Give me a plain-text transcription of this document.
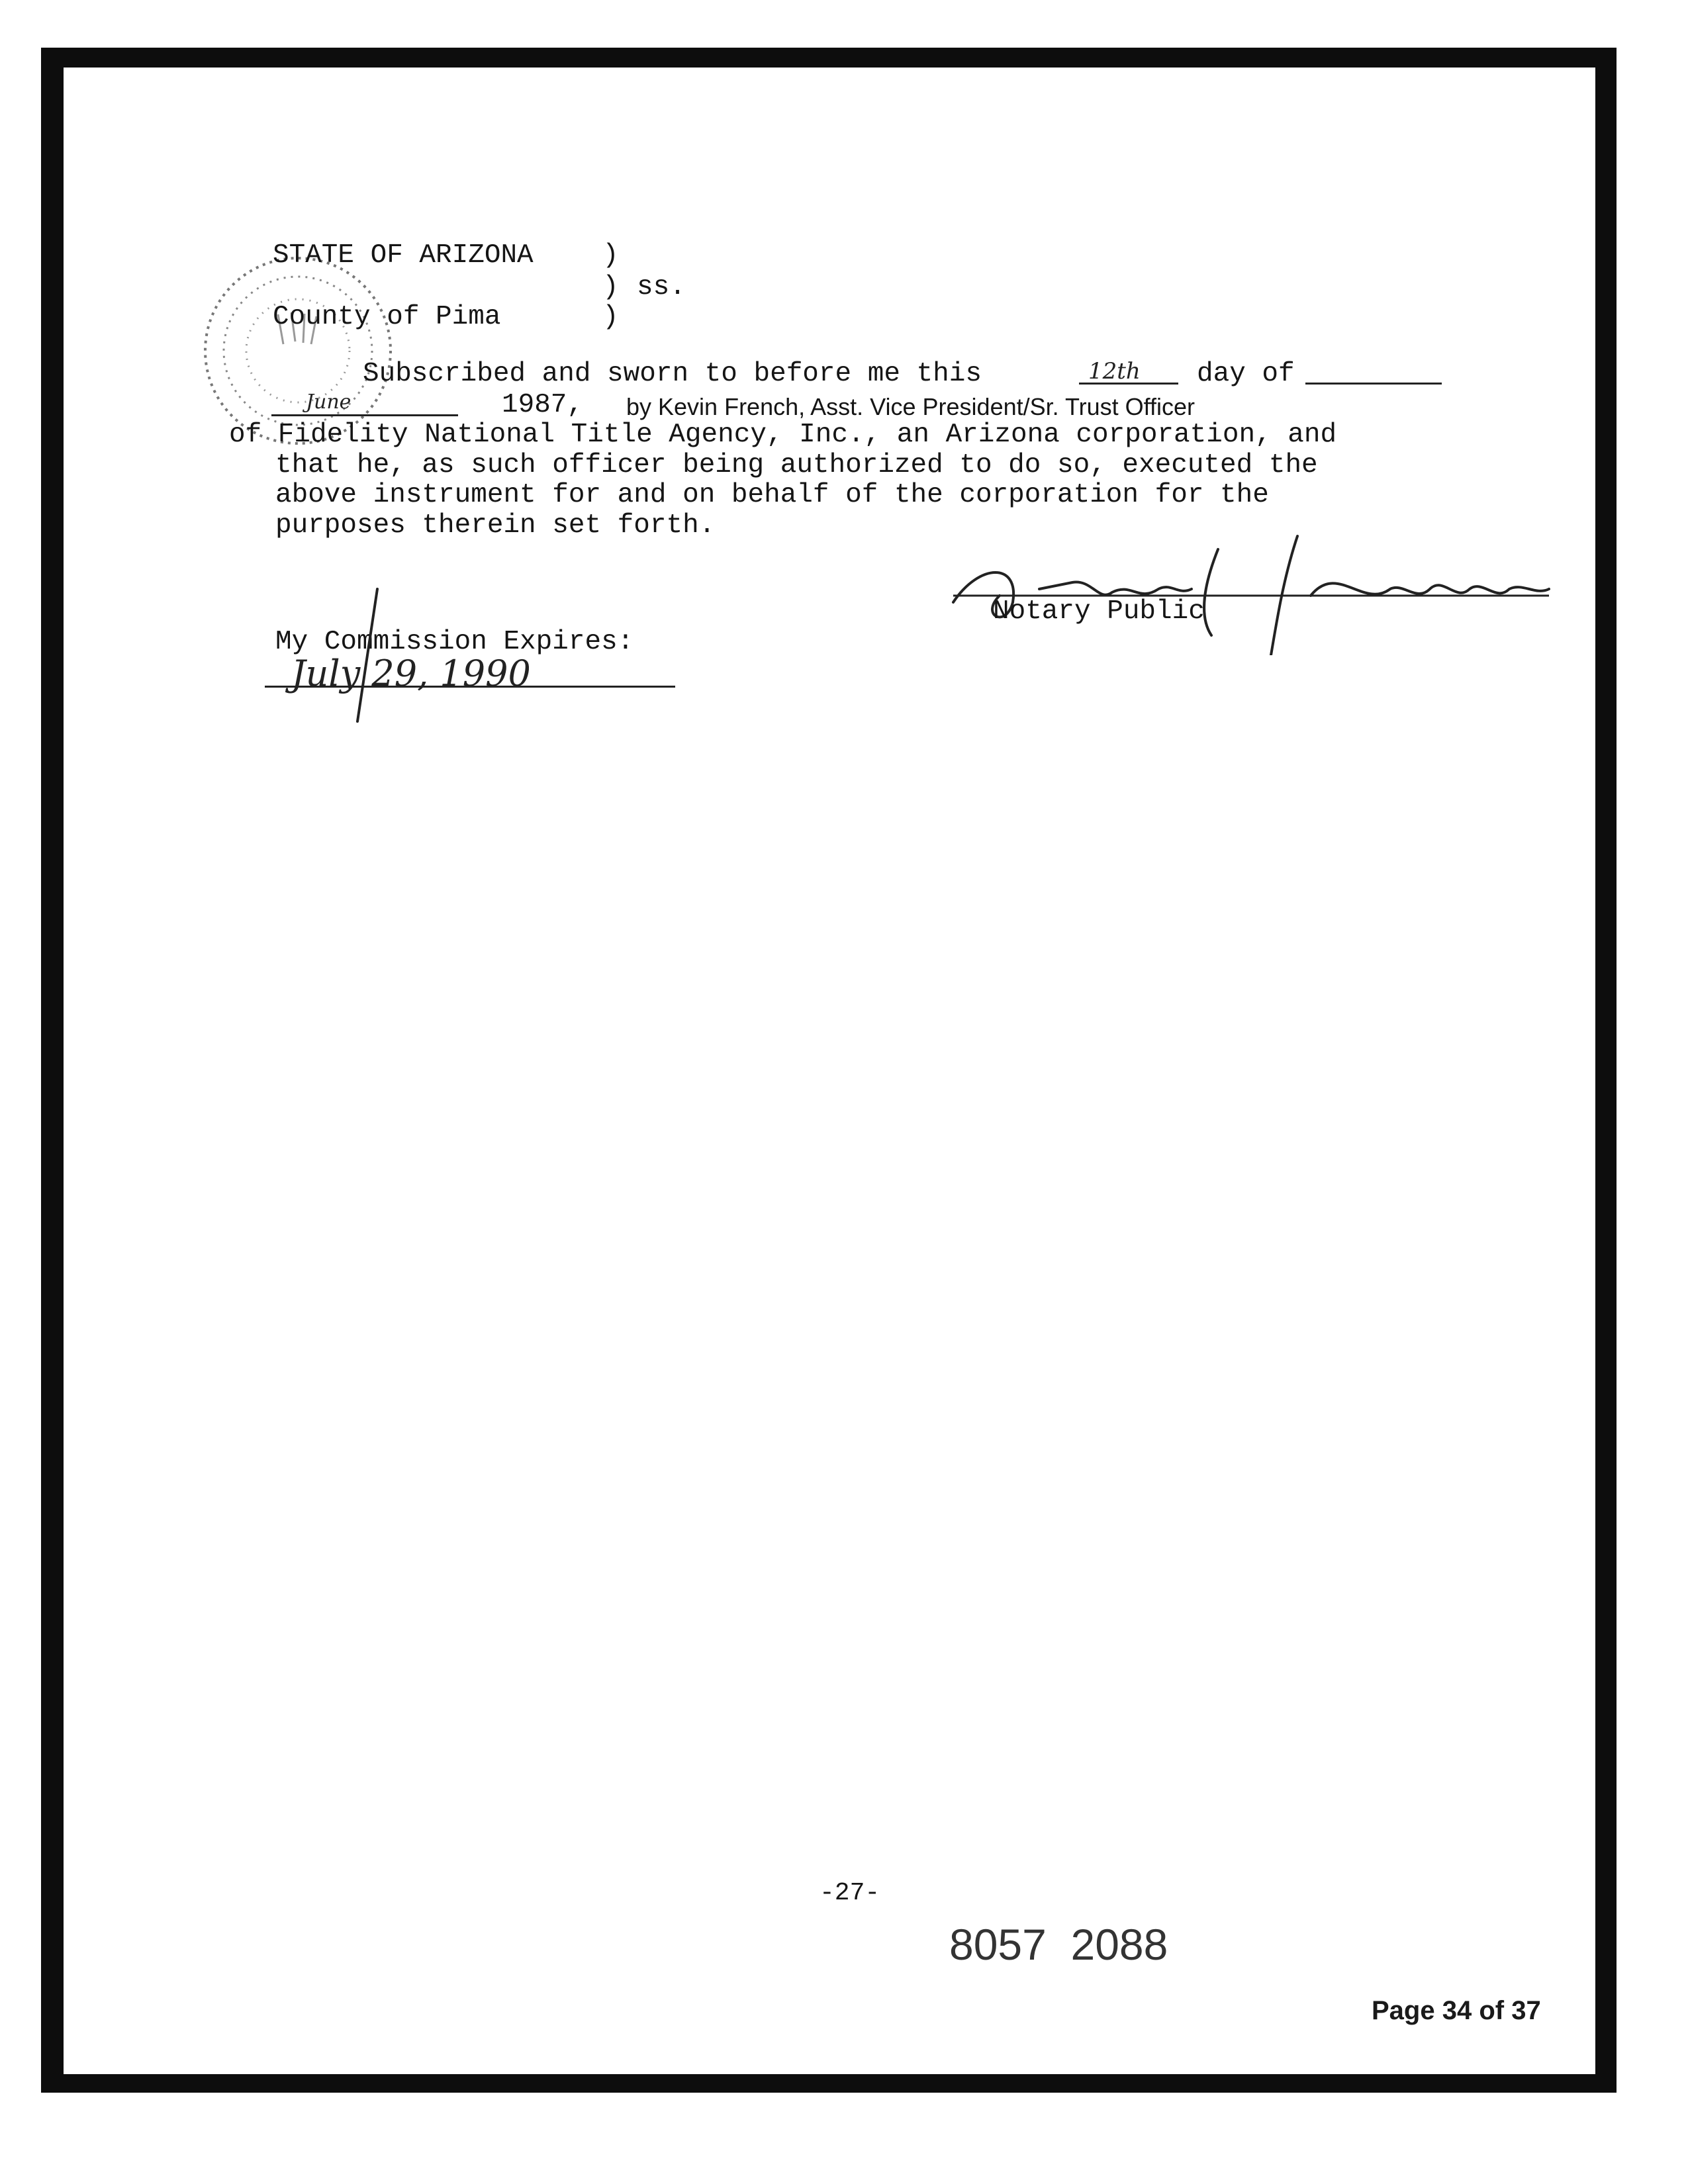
STATE OF ARIZONA	)
) ss.
County of Pima	)
Subscribed and sworn to before me this	12th day of
June	1987, by Kevin French, Asst. Vice President/Sr. Trust Officer
of Fidelity National Title Agency, Inc., an Arizona corporation, and
that he, as such officer being authorized to do so, executed the
above instrument for and on behalf of the corporation for the
purposes therein set forth.
Notary Public
My Commission Expires:
July 29, 1990
-27-
8057  2088
Page 34 of 37
